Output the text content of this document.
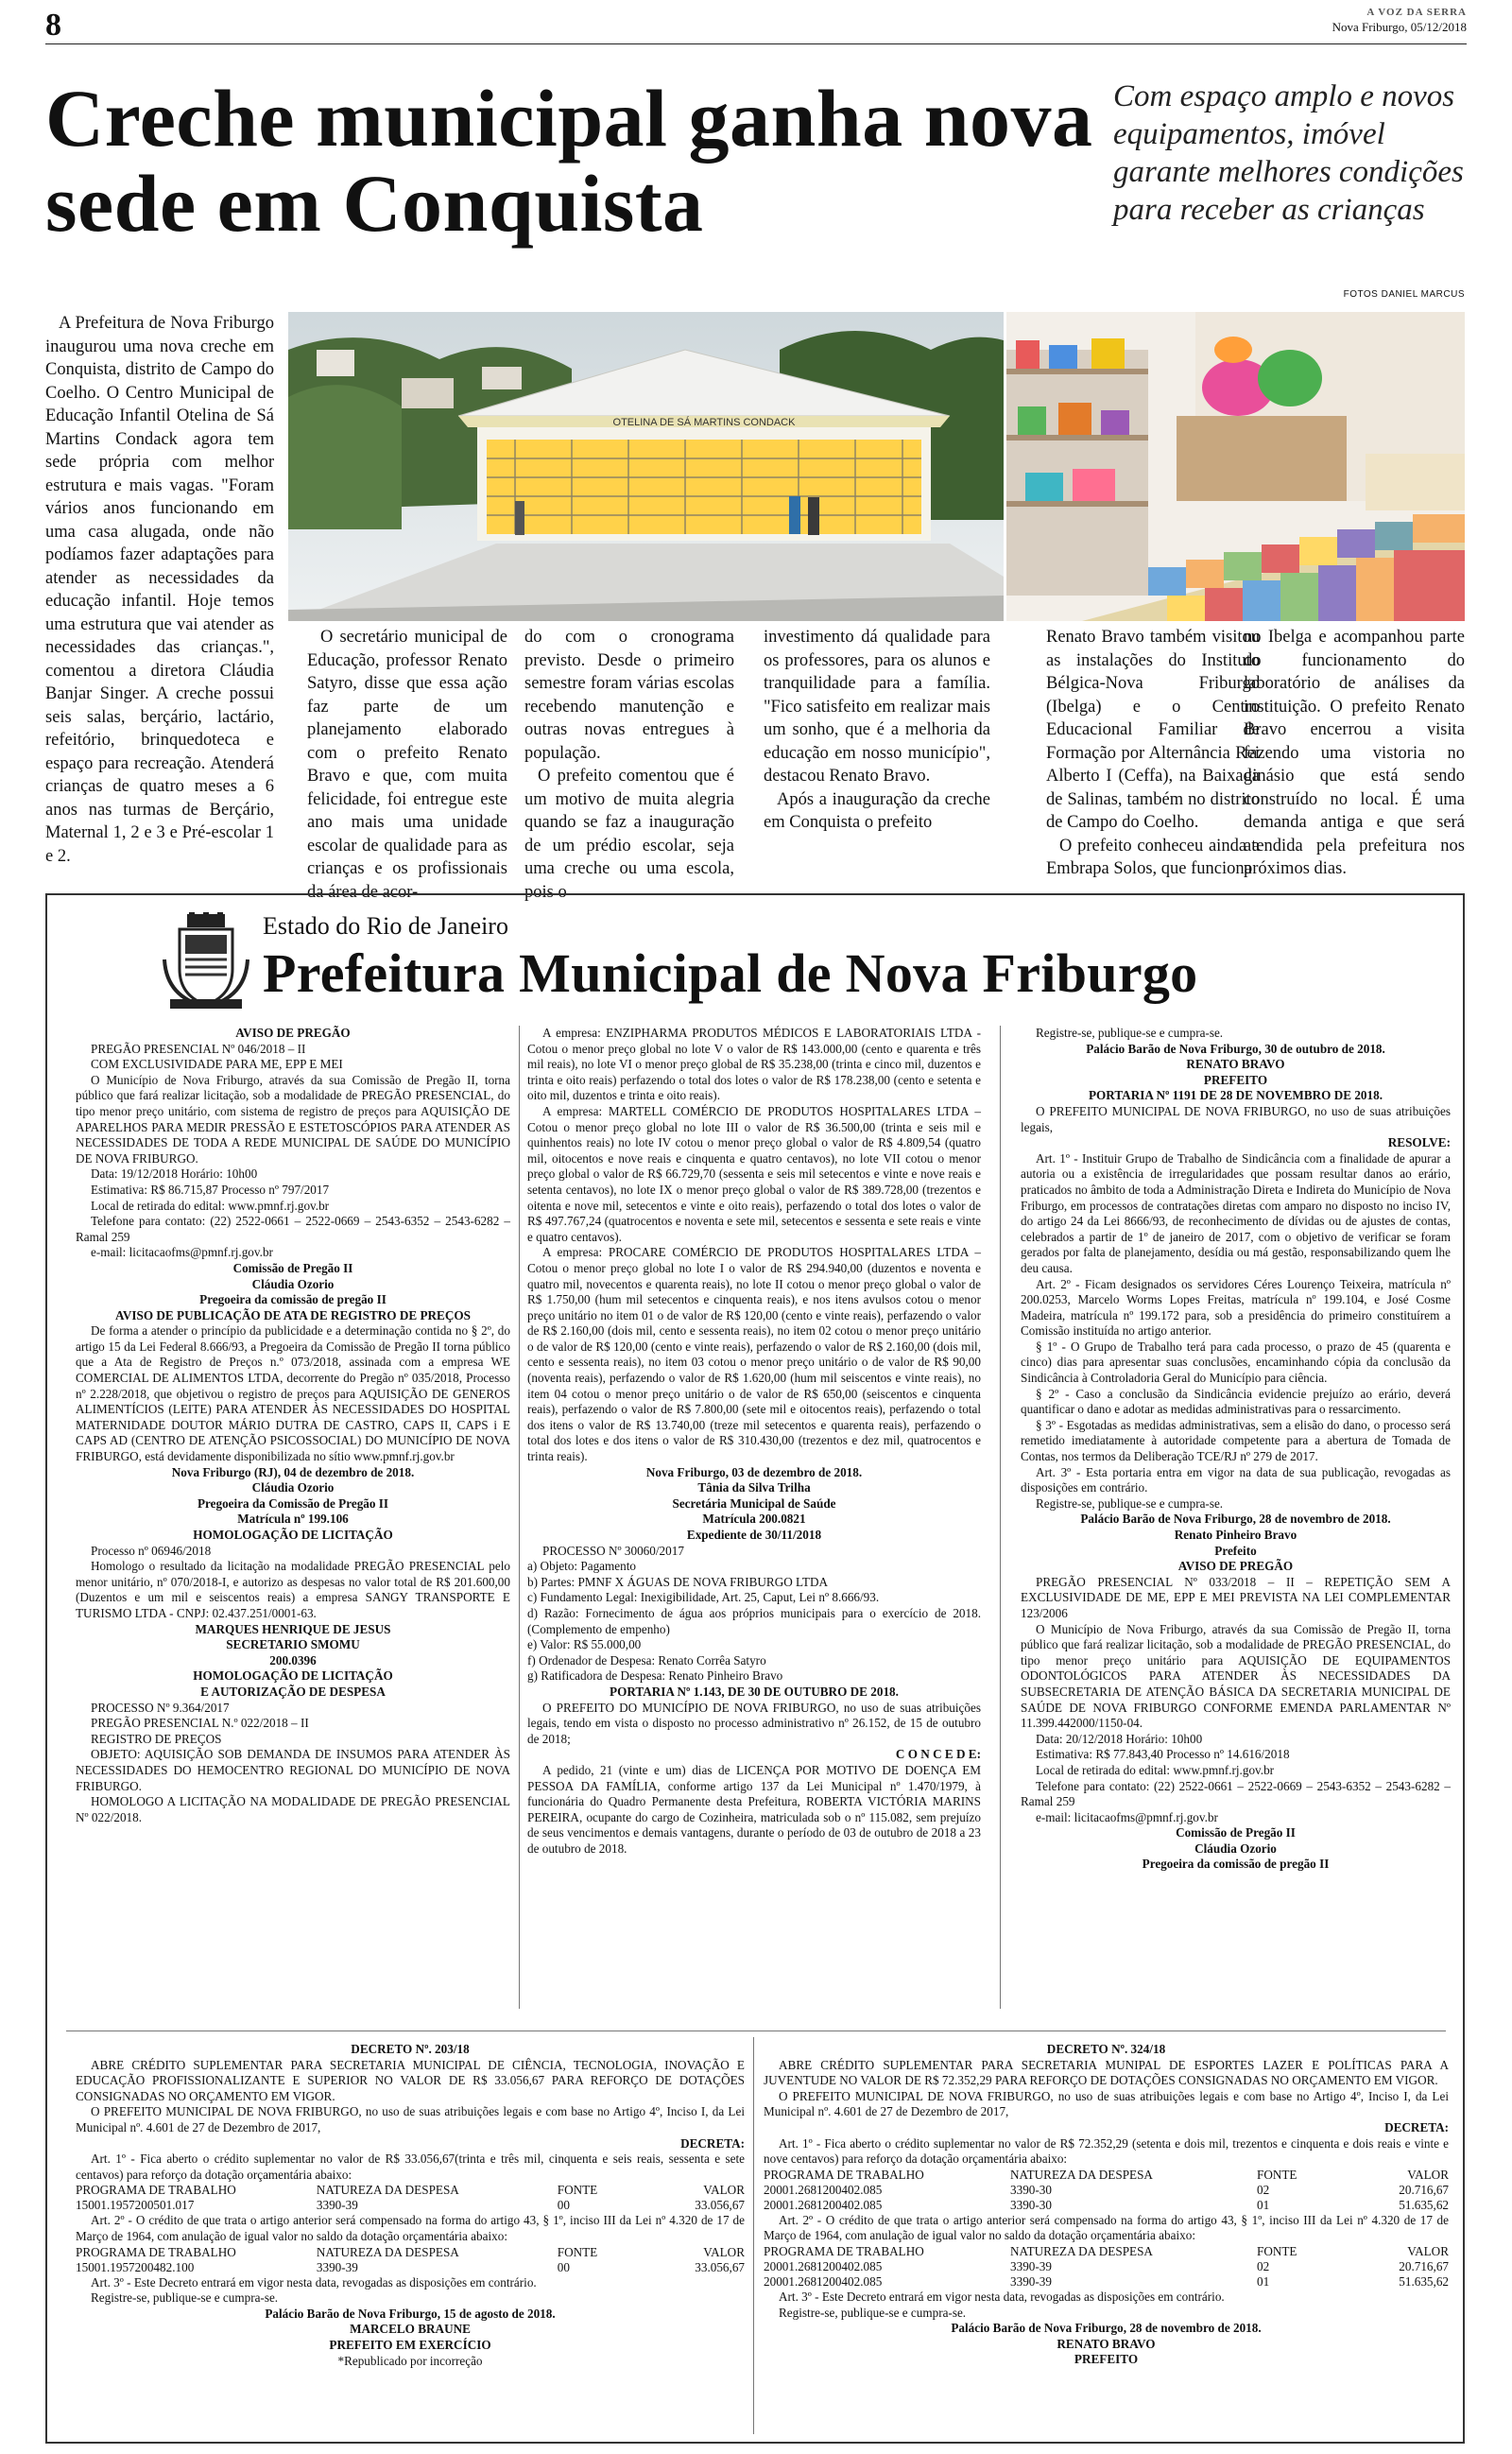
8	A VOZ DA SERRA
Nova Friburgo, 05/12/2018
Creche municipal ganha nova sede em Conquista
Com espaço amplo e novos equipamentos, imóvel garante melhores condições para receber as crianças
FOTOS DANIEL MARCUS
OTELINA DE SÁ MARTINS CONDACK

A Prefeitura de Nova Friburgo inaugurou uma nova creche em Conquista, distrito de Campo do Coelho. O Centro Municipal de Educação Infantil Otelina de Sá Martins Condack agora tem sede própria com melhor estrutura e mais vagas. "Foram vários anos funcionando em uma casa alugada, onde não podíamos fazer adaptações para atender as necessidades da educação infantil. Hoje temos uma estrutura que vai atender as necessidades das crianças.", comentou a diretora Cláudia Banjar Singer. A creche possui seis salas, berçário, lactário, refeitório, brinquedoteca e espaço para recreação. Atenderá crianças de quatro meses a 6 anos nas turmas de Berçário, Maternal 1, 2 e 3 e Pré-escolar 1 e 2.

O secretário municipal de Educação, professor Renato Satyro, disse que essa ação faz parte de um planejamento elaborado com o prefeito Renato Bravo e que, com muita felicidade, foi entregue este ano mais uma unidade escolar de qualidade para as crianças e os profissionais da área de acor-

do com o cronograma previsto. Desde o primeiro semestre foram várias escolas recebendo manutenção e outras novas entregues à população.

O prefeito comentou que é um motivo de muita alegria quando se faz a inauguração de um prédio escolar, seja uma creche ou uma escola, pois o

investimento dá qualidade para os professores, para os alunos e tranquilidade para a família. "Fico satisfeito em realizar mais um sonho, que é a melhoria da educação em nosso município", destacou Renato Bravo.

Após a inauguração da creche em Conquista o prefeito

Renato Bravo também visitou as instalações do Instituto Bélgica-Nova Friburgo (Ibelga) e o Centro Educacional Familiar de Formação por Alternância Rei Alberto I (Ceffa), na Baixada de Salinas, também no distrito de Campo do Coelho.

O prefeito conheceu ainda a Embrapa Solos, que funciona

no Ibelga e acompanhou parte do funcionamento do laboratório de análises da instituição. O prefeito Renato Bravo encerrou a visita fazendo uma vistoria no ginásio que está sendo construído no local. É uma demanda antiga e que será atendida pela prefeitura nos próximos dias.

Estado do Rio de Janeiro
Prefeitura Municipal de Nova Friburgo

AVISO DE PREGÃO

PREGÃO PRESENCIAL Nº 046/2018 – II

COM EXCLUSIVIDADE PARA ME, EPP E MEI

O Município de Nova Friburgo, através da sua Comissão de Pregão II, torna público que fará realizar licitação, sob a modalidade de PREGÃO PRESENCIAL, do tipo menor preço unitário, com sistema de registro de preços para AQUISIÇÃO DE APARELHOS PARA MEDIR PRESSÃO E ESTETOSCÓPIOS PARA ATENDER AS NECESSIDADES DE TODA A REDE MUNICIPAL DE SAÚDE DO MUNICÍPIO DE NOVA FRIBURGO.

Data: 19/12/2018 Horário: 10h00

Estimativa: R$ 86.715,87 Processo nº 797/2017

Local de retirada do edital: www.pmnf.rj.gov.br

Telefone para contato: (22) 2522-0661 – 2522-0669 – 2543-6352 – 2543-6282 – Ramal 259

e-mail: licitacaofms@pmnf.rj.gov.br

Comissão de Pregão II

Cláudia Ozorio

Pregoeira da comissão de pregão II

AVISO DE PUBLICAÇÃO DE ATA DE REGISTRO DE PREÇOS

De forma a atender o princípio da publicidade e a determinação contida no § 2º, do artigo 15 da Lei Federal 8.666/93, a Pregoeira da Comissão de Pregão II torna público que a Ata de Registro de Preços n.º 073/2018, assinada com a empresa WE COMERCIAL DE ALIMENTOS LTDA, decorrente do Pregão nº 035/2018, Processo nº 2.228/2018, que objetivou o registro de preços para AQUISIÇÃO DE GENEROS ALIMENTÍCIOS (LEITE) PARA ATENDER ÀS NECESSIDADES DO HOSPITAL MATERNIDADE DOUTOR MÁRIO DUTRA DE CASTRO, CAPS II, CAPS i E CAPS AD (CENTRO DE ATENÇÃO PSICOSSOCIAL) DO MUNICÍPIO DE NOVA FRIBURGO, está devidamente disponibilizada no sítio www.pmnf.rj.gov.br

Nova Friburgo (RJ), 04 de dezembro de 2018.

Cláudia Ozorio

Pregoeira da Comissão de Pregão II

Matrícula nº 199.106

HOMOLOGAÇÃO DE LICITAÇÃO

Processo nº 06946/2018

Homologo o resultado da licitação na modalidade PREGÃO PRESENCIAL pelo menor unitário, nº 070/2018-I, e autorizo as despesas no valor total de R$ 201.600,00 (Duzentos e um mil e seiscentos reais) a empresa SANGY TRANSPORTE E TURISMO LTDA - CNPJ: 02.437.251/0001-63.

MARQUES HENRIQUE DE JESUS

SECRETARIO SMOMU

200.0396

HOMOLOGAÇÃO DE LICITAÇÃO

E AUTORIZAÇÃO DE DESPESA

PROCESSO Nº 9.364/2017

PREGÃO PRESENCIAL N.º 022/2018 – II

REGISTRO DE PREÇOS

OBJETO: AQUISIÇÃO SOB DEMANDA DE INSUMOS PARA ATENDER ÀS NECESSIDADES DO HEMOCENTRO REGIONAL DO MUNICÍPIO DE NOVA FRIBURGO.

HOMOLOGO A LICITAÇÃO NA MODALIDADE DE PREGÃO PRESENCIAL Nº 022/2018.

A empresa: ENZIPHARMA PRODUTOS MÉDICOS E LABORATORIAIS LTDA - Cotou o menor preço global no lote V o valor de R$ 143.000,00 (cento e quarenta e três mil reais), no lote VI o menor preço global de R$ 35.238,00 (trinta e cinco mil, duzentos e trinta e oito reais) perfazendo o total dos lotes o valor de R$ 178.238,00 (cento e setenta e oito mil, duzentos e trinta e oito reais).

A empresa: MARTELL COMÉRCIO DE PRODUTOS HOSPITALARES LTDA – Cotou o menor preço global no lote III o valor de R$ 36.500,00 (trinta e seis mil e quinhentos reais) no lote IV cotou o menor preço global o valor de R$ 4.809,54 (quatro mil, oitocentos e nove reais e cinquenta e quatro centavos), no lote VII cotou o menor preço global o valor de R$ 66.729,70 (sessenta e seis mil setecentos e vinte e nove reais e setenta centavos), no lote IX o menor preço global o valor de R$ 389.728,00 (trezentos e oitenta e nove mil, setecentos e vinte e oito reais), perfazendo o total dos lotes o valor de R$ 497.767,24 (quatrocentos e noventa e sete mil, setecentos e sessenta e sete reais e vinte e quatro centavos).

A empresa: PROCARE COMÉRCIO DE PRODUTOS HOSPITALARES LTDA – Cotou o menor preço global no lote I o valor de R$ 294.940,00 (duzentos e noventa e quatro mil, novecentos e quarenta reais), no lote II cotou o menor preço global o valor de R$ 1.750,00 (hum mil setecentos e cinquenta reais), e nos itens avulsos cotou o menor preço unitário no item 01 o de valor de R$ 120,00 (cento e vinte reais), perfazendo o valor de R$ 2.160,00 (dois mil, cento e sessenta reais), no item 02 cotou o menor preço unitário o de valor de R$ 120,00 (cento e vinte reais), perfazendo o valor de R$ 2.160,00 (dois mil, cento e sessenta reais), no item 03 cotou o menor preço unitário o de valor de R$ 90,00 (noventa reais), perfazendo o valor de R$ 1.620,00 (hum mil seiscentos e vinte reais), no item 04 cotou o menor preço unitário o de valor de R$ 650,00 (seiscentos e cinquenta reais), perfazendo o valor de R$ 7.800,00 (sete mil e oitocentos reais), perfazendo o total dos itens o valor de R$ 13.740,00 (treze mil setecentos e quarenta reais), perfazendo o total dos lotes e dos itens o valor de R$ 310.430,00 (trezentos e dez mil, quatrocentos e trinta reais).

Nova Friburgo, 03 de dezembro de 2018.

Tânia da Silva Trilha

Secretária Municipal de Saúde

Matrícula 200.0821

Expediente de 30/11/2018

PROCESSO Nº 30060/2017

a) Objeto: Pagamento

b) Partes: PMNF X ÁGUAS DE NOVA FRIBURGO LTDA

c) Fundamento Legal: Inexigibilidade, Art. 25, Caput, Lei nº 8.666/93.

d) Razão: Fornecimento de água aos próprios municipais para o exercício de 2018. (Complemento de empenho)

e) Valor: R$ 55.000,00

f) Ordenador de Despesa: Renato Corrêa Satyro

g) Ratificadora de Despesa: Renato Pinheiro Bravo

PORTARIA Nº 1.143, DE 30 DE OUTUBRO DE 2018.

O PREFEITO DO MUNICÍPIO DE NOVA FRIBURGO, no uso de suas atribuições legais, tendo em vista o disposto no processo administrativo nº 26.152, de 15 de outubro de 2018;

C O N C E D E:

A pedido, 21 (vinte e um) dias de LICENÇA POR MOTIVO DE DOENÇA EM PESSOA DA FAMÍLIA, conforme artigo 137 da Lei Municipal nº 1.470/1979, à funcionária do Quadro Permanente desta Prefeitura, ROBERTA VICTÓRIA MARINS PEREIRA, ocupante do cargo de Cozinheira, matriculada sob o nº 115.082, sem prejuízo de seus vencimentos e demais vantagens, durante o período de 03 de outubro de 2018 a 23 de outubro de 2018.

Registre-se, publique-se e cumpra-se.

Palácio Barão de Nova Friburgo, 30 de outubro de 2018.

RENATO BRAVO

PREFEITO

PORTARIA Nº 1191 DE 28 DE NOVEMBRO DE 2018.

O PREFEITO MUNICIPAL DE NOVA FRIBURGO, no uso de suas atribuições legais,

RESOLVE:

Art. 1º - Instituir Grupo de Trabalho de Sindicância com a finalidade de apurar a autoria ou a existência de irregularidades que possam resultar danos ao erário, praticados no âmbito de toda a Administração Direta e Indireta do Município de Nova Friburgo, em processos de contratações diretas com amparo no disposto no inciso IV, do artigo 24 da Lei 8666/93, de reconhecimento de dívidas ou de ajustes de contas, celebrados a partir de 1º de janeiro de 2017, com o objetivo de verificar se foram gerados por falta de planejamento, desídia ou má gestão, responsabilizando quem lhe deu causa.

Art. 2º - Ficam designados os servidores Céres Lourenço Teixeira, matrícula nº 200.0253, Marcelo Worms Lopes Freitas, matrícula nº 199.104, e José Cosme Madeira, matrícula nº 199.172 para, sob a presidência do primeiro constituírem a Comissão instituída no artigo anterior.

§ 1º - O Grupo de Trabalho terá para cada processo, o prazo de 45 (quarenta e cinco) dias para apresentar suas conclusões, encaminhando cópia da conclusão da Sindicância à Controladoria Geral do Município para ciência.

§ 2º - Caso a conclusão da Sindicância evidencie prejuízo ao erário, deverá quantificar o dano e adotar as medidas administrativas para o ressarcimento.

§ 3º - Esgotadas as medidas administrativas, sem a elisão do dano, o processo será remetido imediatamente à autoridade competente para a abertura de Tomada de Contas, nos termos da Deliberação TCE/RJ nº 279 de 2017.

Art. 3º - Esta portaria entra em vigor na data de sua publicação, revogadas as disposições em contrário.

Registre-se, publique-se e cumpra-se.

Palácio Barão de Nova Friburgo, 28 de novembro de 2018.

Renato Pinheiro Bravo

Prefeito

AVISO DE PREGÃO

PREGÃO PRESENCIAL Nº 033/2018 – II – REPETIÇÃO SEM A EXCLUSIVIDADE DE ME, EPP E MEI PREVISTA NA LEI COMPLEMENTAR 123/2006

O Município de Nova Friburgo, através da sua Comissão de Pregão II, torna público que fará realizar licitação, sob a modalidade de PREGÃO PRESENCIAL, do tipo menor preço unitário para AQUISIÇÃO DE EQUIPAMENTOS ODONTOLÓGICOS PARA ATENDER ÀS NECESSIDADES DA SUBSECRETARIA DE ATENÇÃO BÁSICA DA SECRETARIA MUNICIPAL DE SAÚDE DE NOVA FRIBURGO CONFORME EMENDA PARLAMENTAR Nº 11.399.442000/1150-04.

Data: 20/12/2018 Horário: 10h00

Estimativa: R$ 77.843,40 Processo nº 14.616/2018

Local de retirada do edital: www.pmnf.rj.gov.br

Telefone para contato: (22) 2522-0661 – 2522-0669 – 2543-6352 – 2543-6282 – Ramal 259

e-mail: licitacaofms@pmnf.rj.gov.br

Comissão de Pregão II

Cláudia Ozorio

Pregoeira da comissão de pregão II

DECRETO Nº. 203/18

ABRE CRÉDITO SUPLEMENTAR PARA SECRETARIA MUNICIPAL DE CIÊNCIA, TECNOLOGIA, INOVAÇÃO E EDUCAÇÃO PROFISSIONALIZANTE E SUPERIOR NO VALOR DE R$ 33.056,67 PARA REFORÇO DE DOTAÇÕES CONSIGNADAS NO ORÇAMENTO EM VIGOR.

O PREFEITO MUNICIPAL DE NOVA FRIBURGO, no uso de suas atribuições legais e com base no Artigo 4º, Inciso I, da Lei Municipal nº. 4.601 de 27 de Dezembro de 2017,

DECRETA:

Art. 1º - Fica aberto o crédito suplementar no valor de R$ 33.056,67(trinta e três mil, cinquenta e seis reais, sessenta e sete centavos) para reforço da dotação orçamentária abaixo:

PROGRAMA DE TRABALHO	NATUREZA DA DESPESA	FONTE	VALOR
15001.1957200501.017	3390-39	00	33.056,67

Art. 2º - O crédito de que trata o artigo anterior será compensado na forma do artigo 43, § 1º, inciso III da Lei nº 4.320 de 17 de Março de 1964, com anulação de igual valor no saldo da dotação orçamentária abaixo:

PROGRAMA DE TRABALHO	NATUREZA DA DESPESA	FONTE	VALOR
15001.1957200482.100	3390-39	00	33.056,67

Art. 3º - Este Decreto entrará em vigor nesta data, revogadas as disposições em contrário.

Registre-se, publique-se e cumpra-se.

Palácio Barão de Nova Friburgo, 15 de agosto de 2018.

MARCELO BRAUNE

PREFEITO EM EXERCÍCIO

*Republicado por incorreção

DECRETO Nº. 324/18

ABRE CRÉDITO SUPLEMENTAR PARA SECRETARIA MUNIPAL DE ESPORTES LAZER E POLÍTICAS PARA A JUVENTUDE NO VALOR DE R$ 72.352,29 PARA REFORÇO DE DOTAÇÕES CONSIGNADAS NO ORÇAMENTO EM VIGOR.

O PREFEITO MUNICIPAL DE NOVA FRIBURGO, no uso de suas atribuições legais e com base no Artigo 4º, Inciso I, da Lei Municipal nº. 4.601 de 27 de Dezembro de 2017,

DECRETA:

Art. 1º - Fica aberto o crédito suplementar no valor de R$ 72.352,29 (setenta e dois mil, trezentos e cinquenta e dois reais e vinte e nove centavos) para reforço da dotação orçamentária abaixo:

PROGRAMA DE TRABALHO	NATUREZA DA DESPESA	FONTE	VALOR
20001.2681200402.085	3390-30	02	20.716,67
20001.2681200402.085	3390-30	01	51.635,62

Art. 2º - O crédito de que trata o artigo anterior será compensado na forma do artigo 43, § 1º, inciso III da Lei nº 4.320 de 17 de Março de 1964, com anulação de igual valor no saldo da dotação orçamentária abaixo:

PROGRAMA DE TRABALHO	NATUREZA DA DESPESA	FONTE	VALOR
20001.2681200402.085	3390-39	02	20.716,67
20001.2681200402.085	3390-39	01	51.635,62

Art. 3º - Este Decreto entrará em vigor nesta data, revogadas as disposições em contrário.

Registre-se, publique-se e cumpra-se.

Palácio Barão de Nova Friburgo, 28 de novembro de 2018.

RENATO BRAVO

PREFEITO
